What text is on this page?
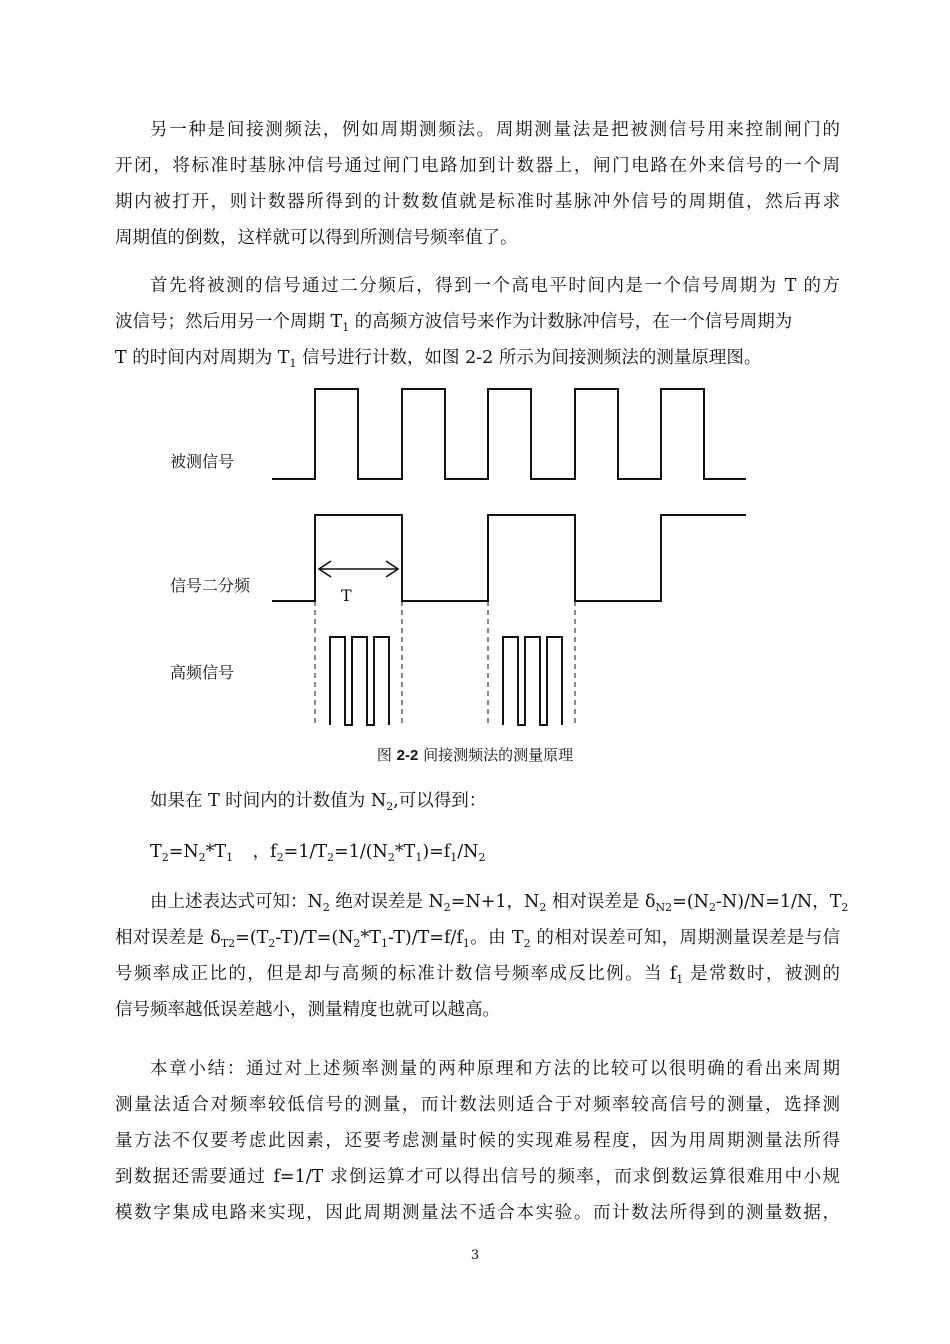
另一种是间接测频法，例如周期测频法。周期测量法是把被测信号用来控制闸门的
开闭，将标准时基脉冲信号通过闸门电路加到计数器上，闸门电路在外来信号的一个周
期内被打开，则计数器所得到的计数数值就是标准时基脉冲外信号的周期值，然后再求
周期值的倒数，这样就可以得到所测信号频率值了。
首先将被测的信号通过二分频后，得到一个高电平时间内是一个信号周期为 T 的方
波信号；然后用另一个周期 $T_1$ 的高频方波信号来作为计数脉冲信号，在一个信号周期为
T 的时间内对周期为 $T_1$ 信号进行计数，如图 2-2 所示为间接测频法的测量原理图。
被测信号
信号二分频
T
高频信号
图 2-2 间接测频法的测量原理
如果在 T 时间内的计数值为 $N_2$,可以得到：
$T_2=N_2*T_1$ ，$f_2=1/T_2=1/(N_2*T_1)=f_1/N_2$
由上述表达式可知：$N_2$ 绝对误差是 $N_2=N+1$，$N_2$ 相对误差是 $\delta_{N2}=(N_2-N)/N=1/N$，$T_2$
相对误差是 $\delta_{T2}=(T_2-T)/T=(N_2*T_1-T)/T=f/f_1$。由 $T_2$ 的相对误差可知，周期测量误差是与信
号频率成正比的，但是却与高频的标准计数信号频率成反比例。当 $f_1$ 是常数时，被测的
信号频率越低误差越小，测量精度也就可以越高。
本章小结：通过对上述频率测量的两种原理和方法的比较可以很明确的看出来周期
测量法适合对频率较低信号的测量，而计数法则适合于对频率较高信号的测量，选择测
量方法不仅要考虑此因素，还要考虑测量时候的实现难易程度，因为用周期测量法所得
到数据还需要通过 f=1/T 求倒运算才可以得出信号的频率，而求倒数运算很难用中小规
模数字集成电路来实现，因此周期测量法不适合本实验。而计数法所得到的测量数据，
3
